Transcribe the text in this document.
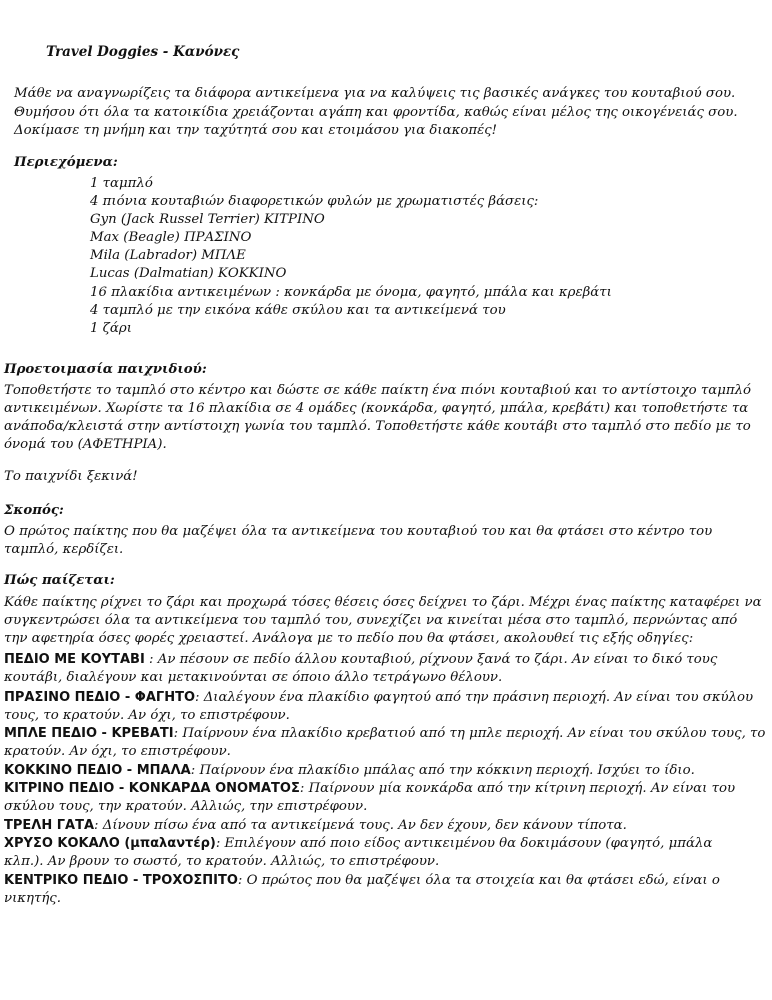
Travel Doggies - Κανόνες
Μάθε να αναγνωρίζεις τα διάφορα αντικείμενα για να καλύψεις τις βασικές ανάγκες του κουταβιού σου.
Θυμήσου ότι όλα τα κατοικίδια χρειάζονται αγάπη και φροντίδα, καθώς είναι μέλος της οικογένειάς σου.
Δοκίμασε τη μνήμη και την ταχύτητά σου και ετοιμάσου για διακοπές!
Περιεχόμενα:
1 ταμπλό
4 πιόνια κουταβιών διαφορετικών φυλών με χρωματιστές βάσεις:
Gyn (Jack Russel Terrier) ΚΙΤΡΙΝΟ
Max (Beagle) ΠΡΑΣΙΝΟ
Mila (Labrador) ΜΠΛΕ
Lucas (Dalmatian) ΚΟΚΚΙΝΟ
16 πλακίδια αντικειμένων : κονκάρδα με όνομα, φαγητό, μπάλα και κρεβάτι
4 ταμπλό με την εικόνα κάθε σκύλου και τα αντικείμενά του
1 ζάρι
Προετοιμασία παιχνιδιού:
Τοποθετήστε το ταμπλό στο κέντρο και δώστε σε κάθε παίκτη ένα πιόνι κουταβιού και το αντίστοιχο ταμπλό αντικειμένων. Χωρίστε τα 16 πλακίδια σε 4 ομάδες (κονκάρδα, φαγητό, μπάλα, κρεβάτι) και τοποθετήστε τα ανάποδα/κλειστά στην αντίστοιχη γωνία του ταμπλό. Τοποθετήστε κάθε κουτάβι στο ταμπλό στο πεδίο με το όνομά του (ΑΦΕΤΗΡΙΑ).
Το παιχνίδι ξεκινά!
Σκοπός:
Ο πρώτος παίκτης που θα μαζέψει όλα τα αντικείμενα του κουταβιού του και θα φτάσει στο κέντρο του ταμπλό, κερδίζει.
Πώς παίζεται:
Κάθε παίκτης ρίχνει το ζάρι και προχωρά τόσες θέσεις όσες δείχνει το ζάρι. Μέχρι ένας παίκτης καταφέρει να συγκεντρώσει όλα τα αντικείμενα του ταμπλό του, συνεχίζει να κινείται μέσα στο ταμπλό, περνώντας από την αφετηρία όσες φορές χρειαστεί. Ανάλογα με το πεδίο που θα φτάσει, ακολουθεί τις εξής οδηγίες:
ΠΕΔΙΟ ΜΕ ΚΟΥΤΑΒΙ : Αν πέσουν σε πεδίο άλλου κουταβιού, ρίχνουν ξανά το ζάρι. Αν είναι το δικό τους κουτάβι, διαλέγουν και μετακινούνται σε όποιο άλλο τετράγωνο θέλουν.
ΠΡΑΣΙΝΟ ΠΕΔΙΟ - ΦΑΓΗΤΟ: Διαλέγουν ένα πλακίδιο φαγητού από την πράσινη περιοχή. Αν είναι του σκύλου τους, το κρατούν. Αν όχι, το επιστρέφουν.
ΜΠΛΕ ΠΕΔΙΟ - ΚΡΕΒΑΤΙ: Παίρνουν ένα πλακίδιο κρεβατιού από τη μπλε περιοχή. Αν είναι του σκύλου τους, το κρατούν. Αν όχι, το επιστρέφουν.
ΚΟΚΚΙΝΟ ΠΕΔΙΟ - ΜΠΑΛΑ: Παίρνουν ένα πλακίδιο μπάλας από την κόκκινη περιοχή. Ισχύει το ίδιο.
ΚΙΤΡΙΝΟ ΠΕΔΙΟ - ΚΟΝΚΑΡΔΑ ΟΝΟΜΑΤΟΣ: Παίρνουν μία κονκάρδα από την κίτρινη περιοχή. Αν είναι του σκύλου τους, την κρατούν. Αλλιώς, την επιστρέφουν.
ΤΡΕΛΗ ΓΑΤΑ: Δίνουν πίσω ένα από τα αντικείμενά τους. Αν δεν έχουν, δεν κάνουν τίποτα.
ΧΡΥΣΟ ΚΟΚΑΛΟ (μπαλαντέρ): Επιλέγουν από ποιο είδος αντικειμένου θα δοκιμάσουν (φαγητό, μπάλα κλπ.). Αν βρουν το σωστό, το κρατούν. Αλλιώς, το επιστρέφουν.
ΚΕΝΤΡΙΚΟ ΠΕΔΙΟ - ΤΡΟΧΟΣΠΙΤΟ: Ο πρώτος που θα μαζέψει όλα τα στοιχεία και θα φτάσει εδώ, είναι ο νικητής.
